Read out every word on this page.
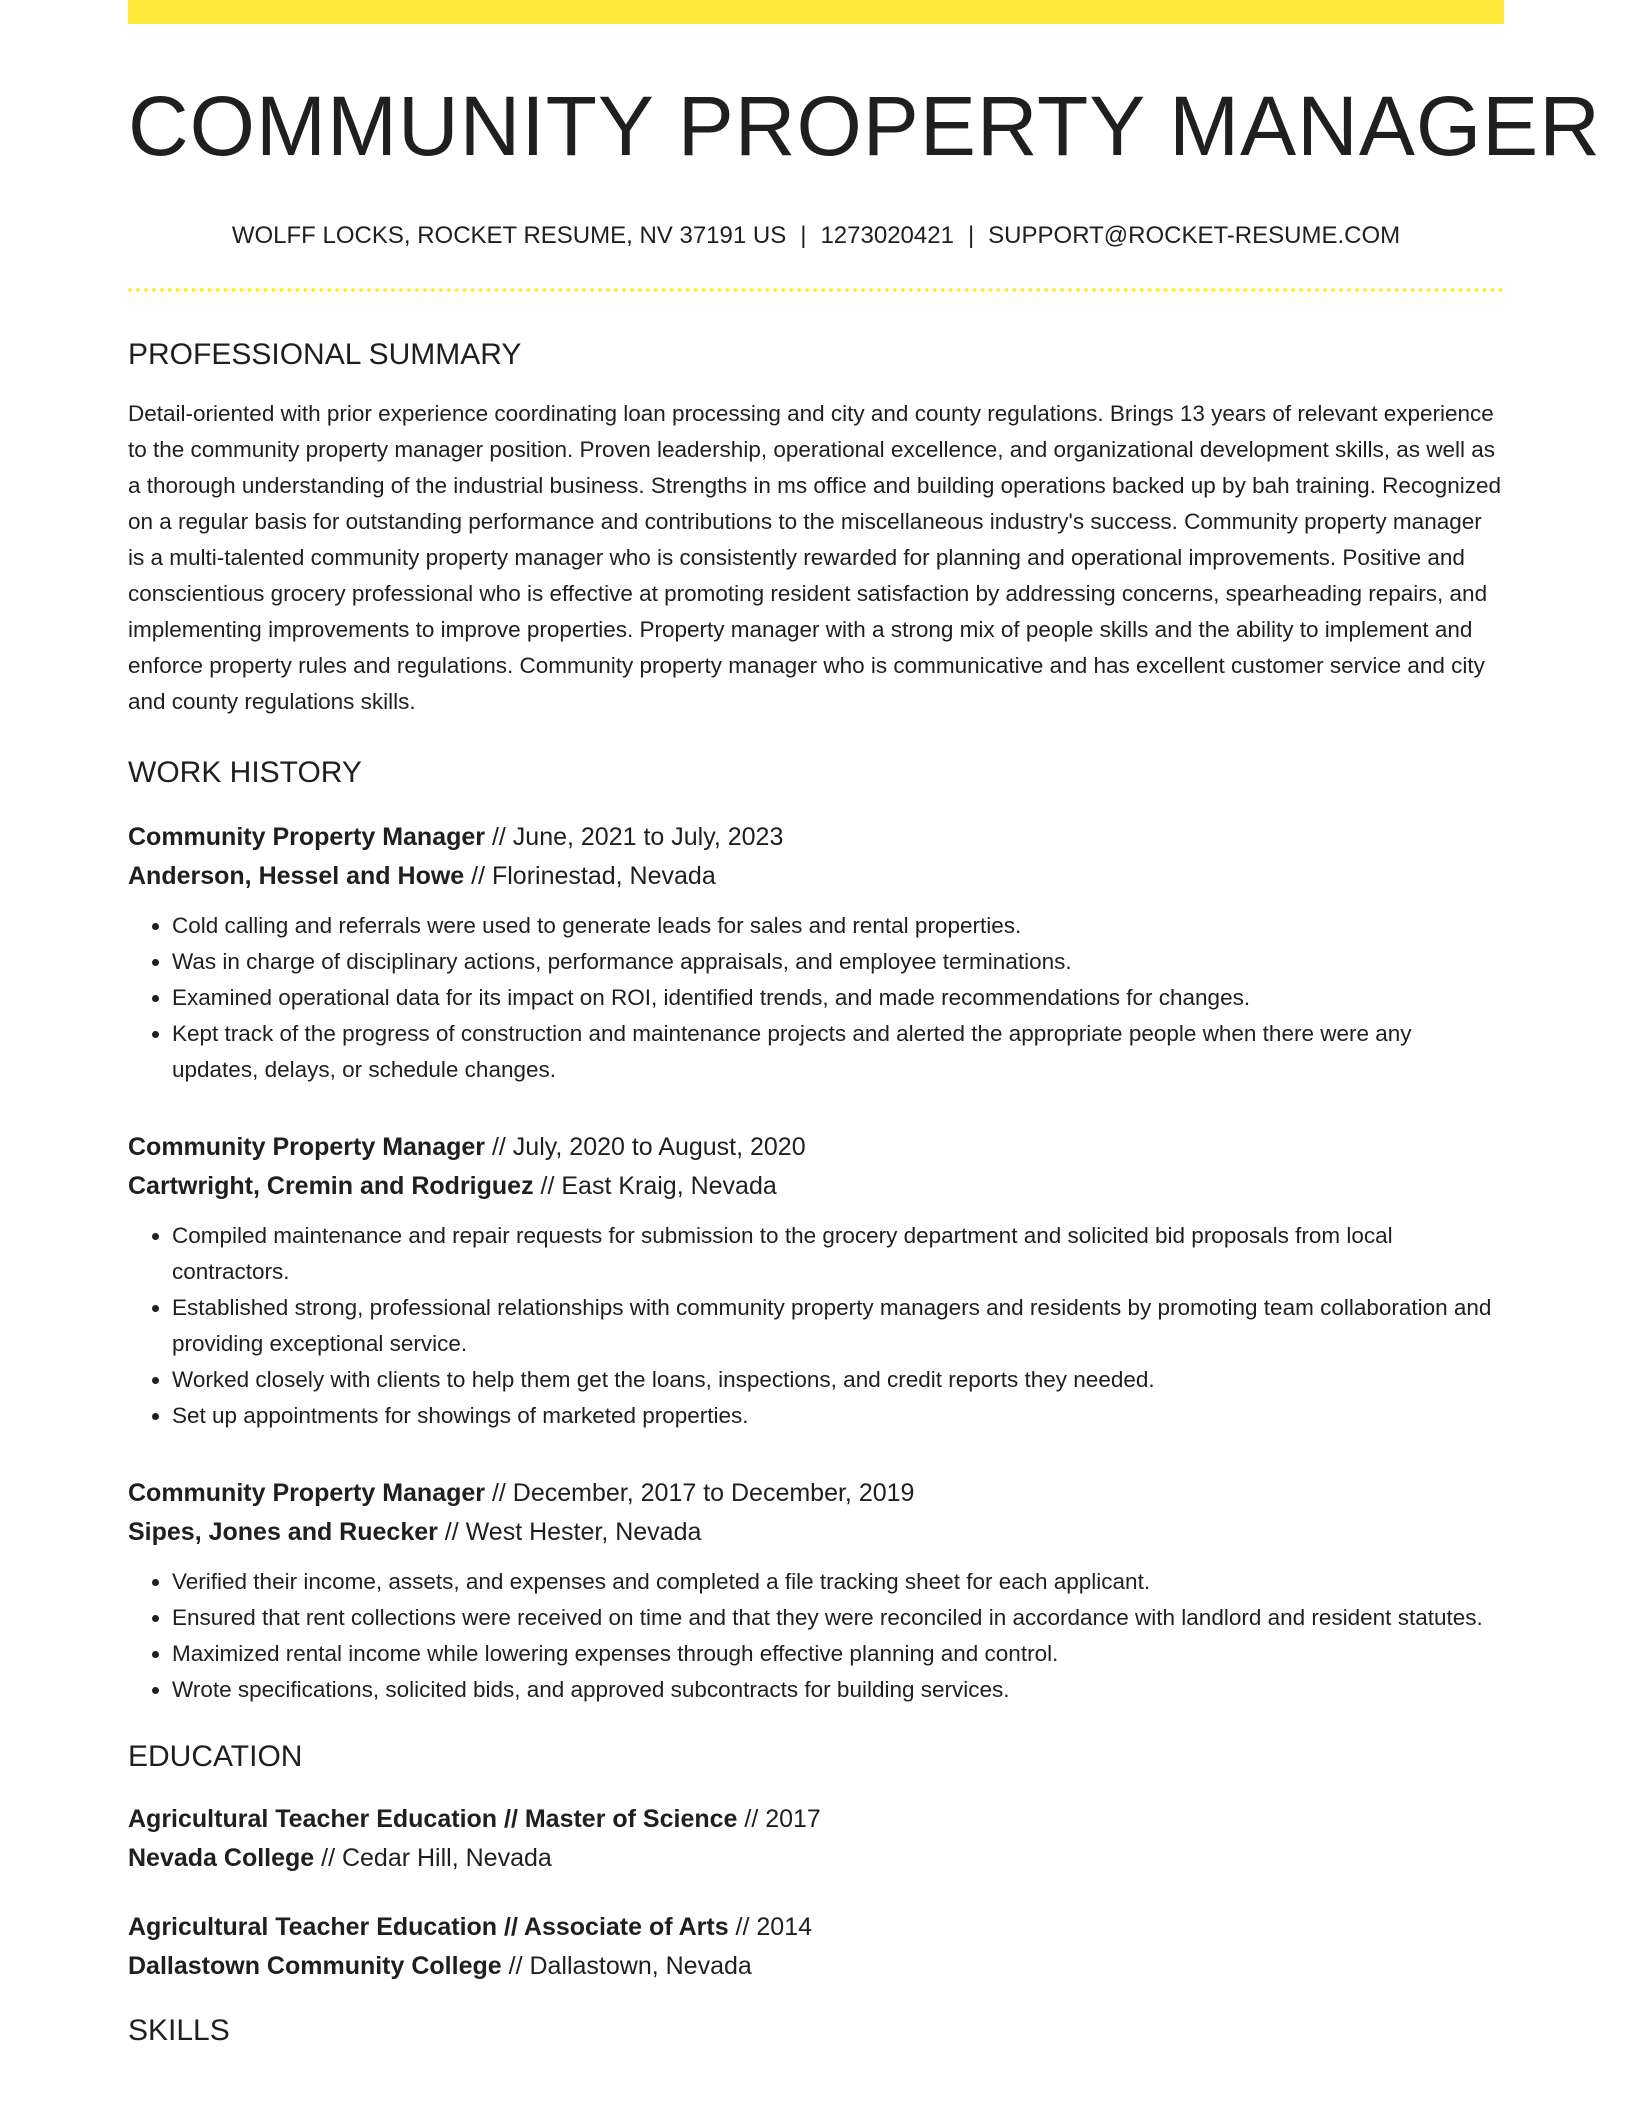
COMMUNITY PROPERTY MANAGER
WOLFF LOCKS, ROCKET RESUME, NV 37191 US | 1273020421 | SUPPORT@ROCKET-RESUME.COM
PROFESSIONAL SUMMARY
Detail-oriented with prior experience coordinating loan processing and city and county regulations. Brings 13 years of relevant experience to the community property manager position. Proven leadership, operational excellence, and organizational development skills, as well as a thorough understanding of the industrial business. Strengths in ms office and building operations backed up by bah training. Recognized on a regular basis for outstanding performance and contributions to the miscellaneous industry's success. Community property manager is a multi-talented community property manager who is consistently rewarded for planning and operational improvements. Positive and conscientious grocery professional who is effective at promoting resident satisfaction by addressing concerns, spearheading repairs, and implementing improvements to improve properties. Property manager with a strong mix of people skills and the ability to implement and enforce property rules and regulations. Community property manager who is communicative and has excellent customer service and city and county regulations skills.
WORK HISTORY
Community Property Manager // June, 2021 to July, 2023
Anderson, Hessel and Howe // Florinestad, Nevada
• Cold calling and referrals were used to generate leads for sales and rental properties.
• Was in charge of disciplinary actions, performance appraisals, and employee terminations.
• Examined operational data for its impact on ROI, identified trends, and made recommendations for changes.
• Kept track of the progress of construction and maintenance projects and alerted the appropriate people when there were any updates, delays, or schedule changes.
Community Property Manager // July, 2020 to August, 2020
Cartwright, Cremin and Rodriguez // East Kraig, Nevada
• Compiled maintenance and repair requests for submission to the grocery department and solicited bid proposals from local contractors.
• Established strong, professional relationships with community property managers and residents by promoting team collaboration and providing exceptional service.
• Worked closely with clients to help them get the loans, inspections, and credit reports they needed.
• Set up appointments for showings of marketed properties.
Community Property Manager // December, 2017 to December, 2019
Sipes, Jones and Ruecker // West Hester, Nevada
• Verified their income, assets, and expenses and completed a file tracking sheet for each applicant.
• Ensured that rent collections were received on time and that they were reconciled in accordance with landlord and resident statutes.
• Maximized rental income while lowering expenses through effective planning and control.
• Wrote specifications, solicited bids, and approved subcontracts for building services.
EDUCATION
Agricultural Teacher Education // Master of Science // 2017
Nevada College // Cedar Hill, Nevada
Agricultural Teacher Education // Associate of Arts // 2014
Dallastown Community College // Dallastown, Nevada
SKILLS
